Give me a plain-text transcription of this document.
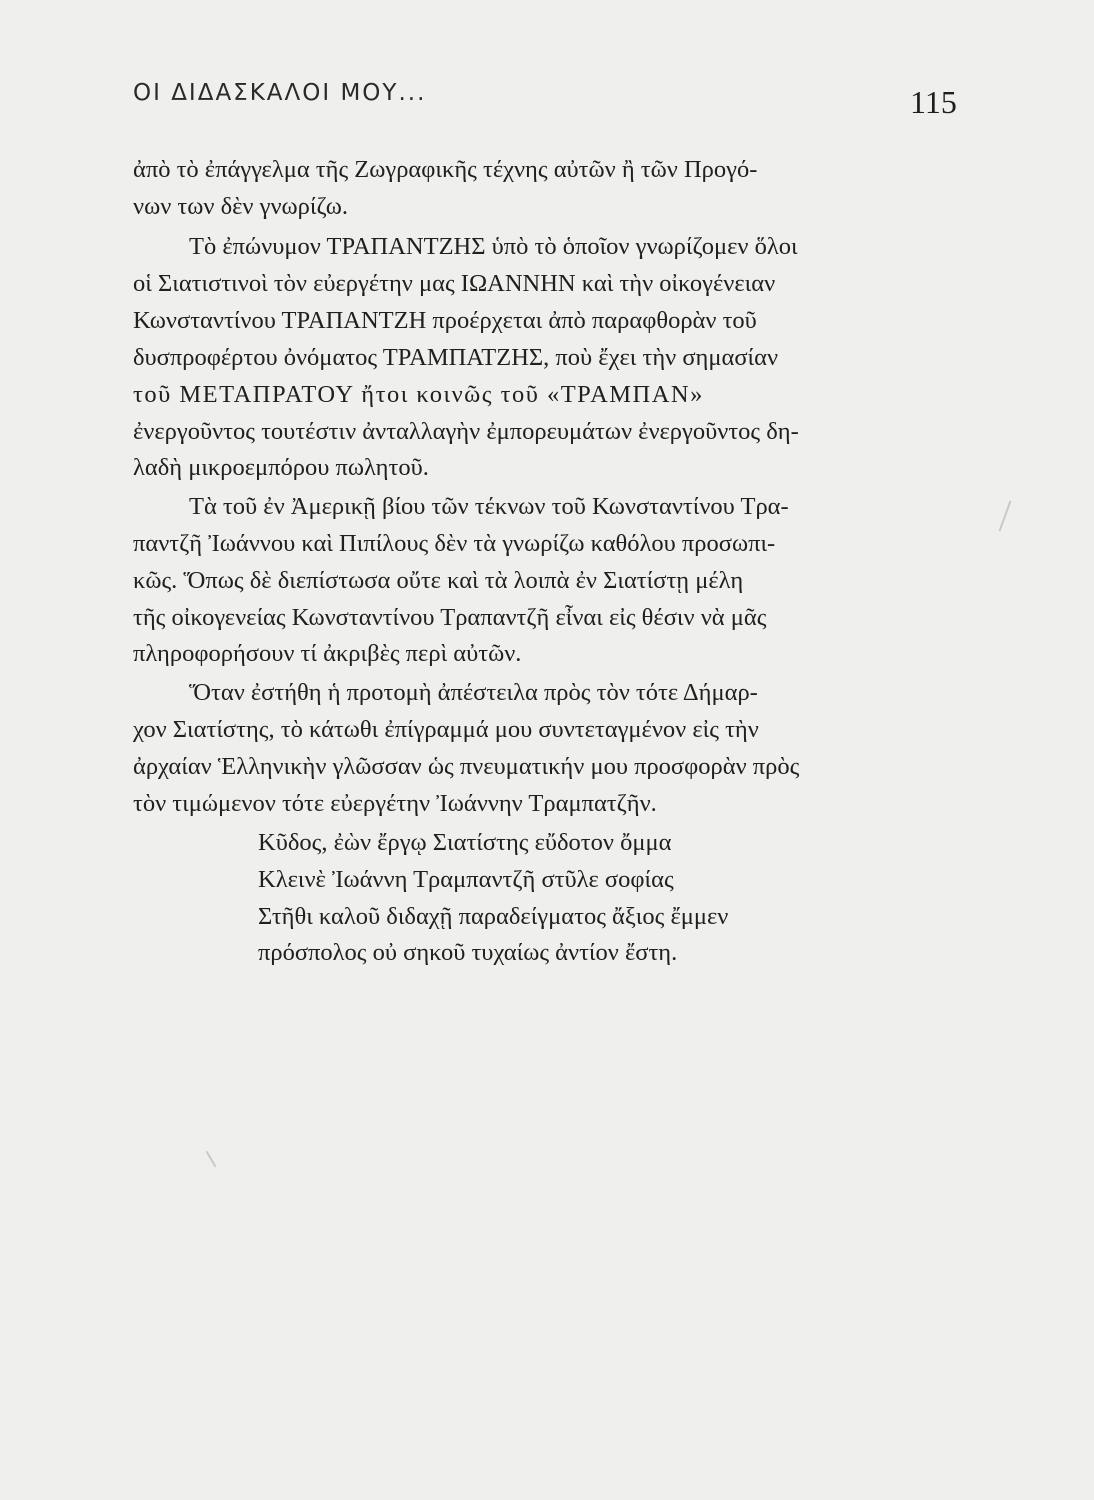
ΟΙ ΔΙΔΑΣΚΑΛΟΙ ΜΟΥ...	115
ἀπὸ τὸ ἐπάγγελμα τῆς Ζωγραφικῆς τέχνης αὐτῶν ἢ τῶν Προγό-
νων των δὲν γνωρίζω.
Τὸ ἐπώνυμον ΤΡΑΠΑΝΤΖΗΣ ὑπὸ τὸ ὁποῖον γνωρίζομεν ὅλοι
οἱ Σιατιστινοὶ τὸν εὐεργέτην μας ΙΩΑΝΝΗΝ καὶ τὴν οἰκογένειαν
Κωνσταντίνου ΤΡΑΠΑΝΤΖΗ προέρχεται ἀπὸ παραφθορὰν τοῦ
δυσπροφέρτου ὀνόματος ΤΡΑΜΠΑΤΖΗΣ, ποὺ ἔχει τὴν σημασίαν
τοῦ ΜΕΤΑΠΡΑΤΟΥ ἤτοι κοινῶς τοῦ «ΤΡΑΜΠΑΝ»
ἐνεργοῦντος τουτέστιν ἀνταλλαγὴν ἐμπορευμάτων ἐνεργοῦντος δη-
λαδὴ μικροεμπόρου πωλητοῦ.
Τὰ τοῦ ἐν Ἀμερικῇ βίου τῶν τέκνων τοῦ Κωνσταντίνου Τρα-
παντζῆ Ἰωάννου καὶ Πιπίλους δὲν τὰ γνωρίζω καθόλου προσωπι-
κῶς. Ὅπως δὲ διεπίστωσα οὔτε καὶ τὰ λοιπὰ ἐν Σιατίστῃ μέλη
τῆς οἰκογενείας Κωνσταντίνου Τραπαντζῆ εἶναι εἰς θέσιν νὰ μᾶς
πληροφορήσουν τί ἀκριβὲς περὶ αὐτῶν.
Ὅταν ἐστήθη ἡ προτομὴ ἀπέστειλα πρὸς τὸν τότε Δήμαρ-
χον Σιατίστης, τὸ κάτωθι ἐπίγραμμά μου συντεταγμένον εἰς τὴν
ἀρχαίαν Ἑλληνικὴν γλῶσσαν ὡς πνευματικήν μου προσφορὰν πρὸς
τὸν τιμώμενον τότε εὐεργέτην Ἰωάννην Τραμπατζῆν.
Κῦδος, ἐὼν ἔργῳ Σιατίστης εὔδοτον ὄμμα
Κλεινὲ Ἰωάννη Τραμπαντζῆ στῦλε σοφίας
Στῆθι καλοῦ διδαχῇ παραδείγματος ἄξιος ἔμμεν
πρόσπολος οὐ σηκοῦ τυχαίως ἀντίον ἔστη.
